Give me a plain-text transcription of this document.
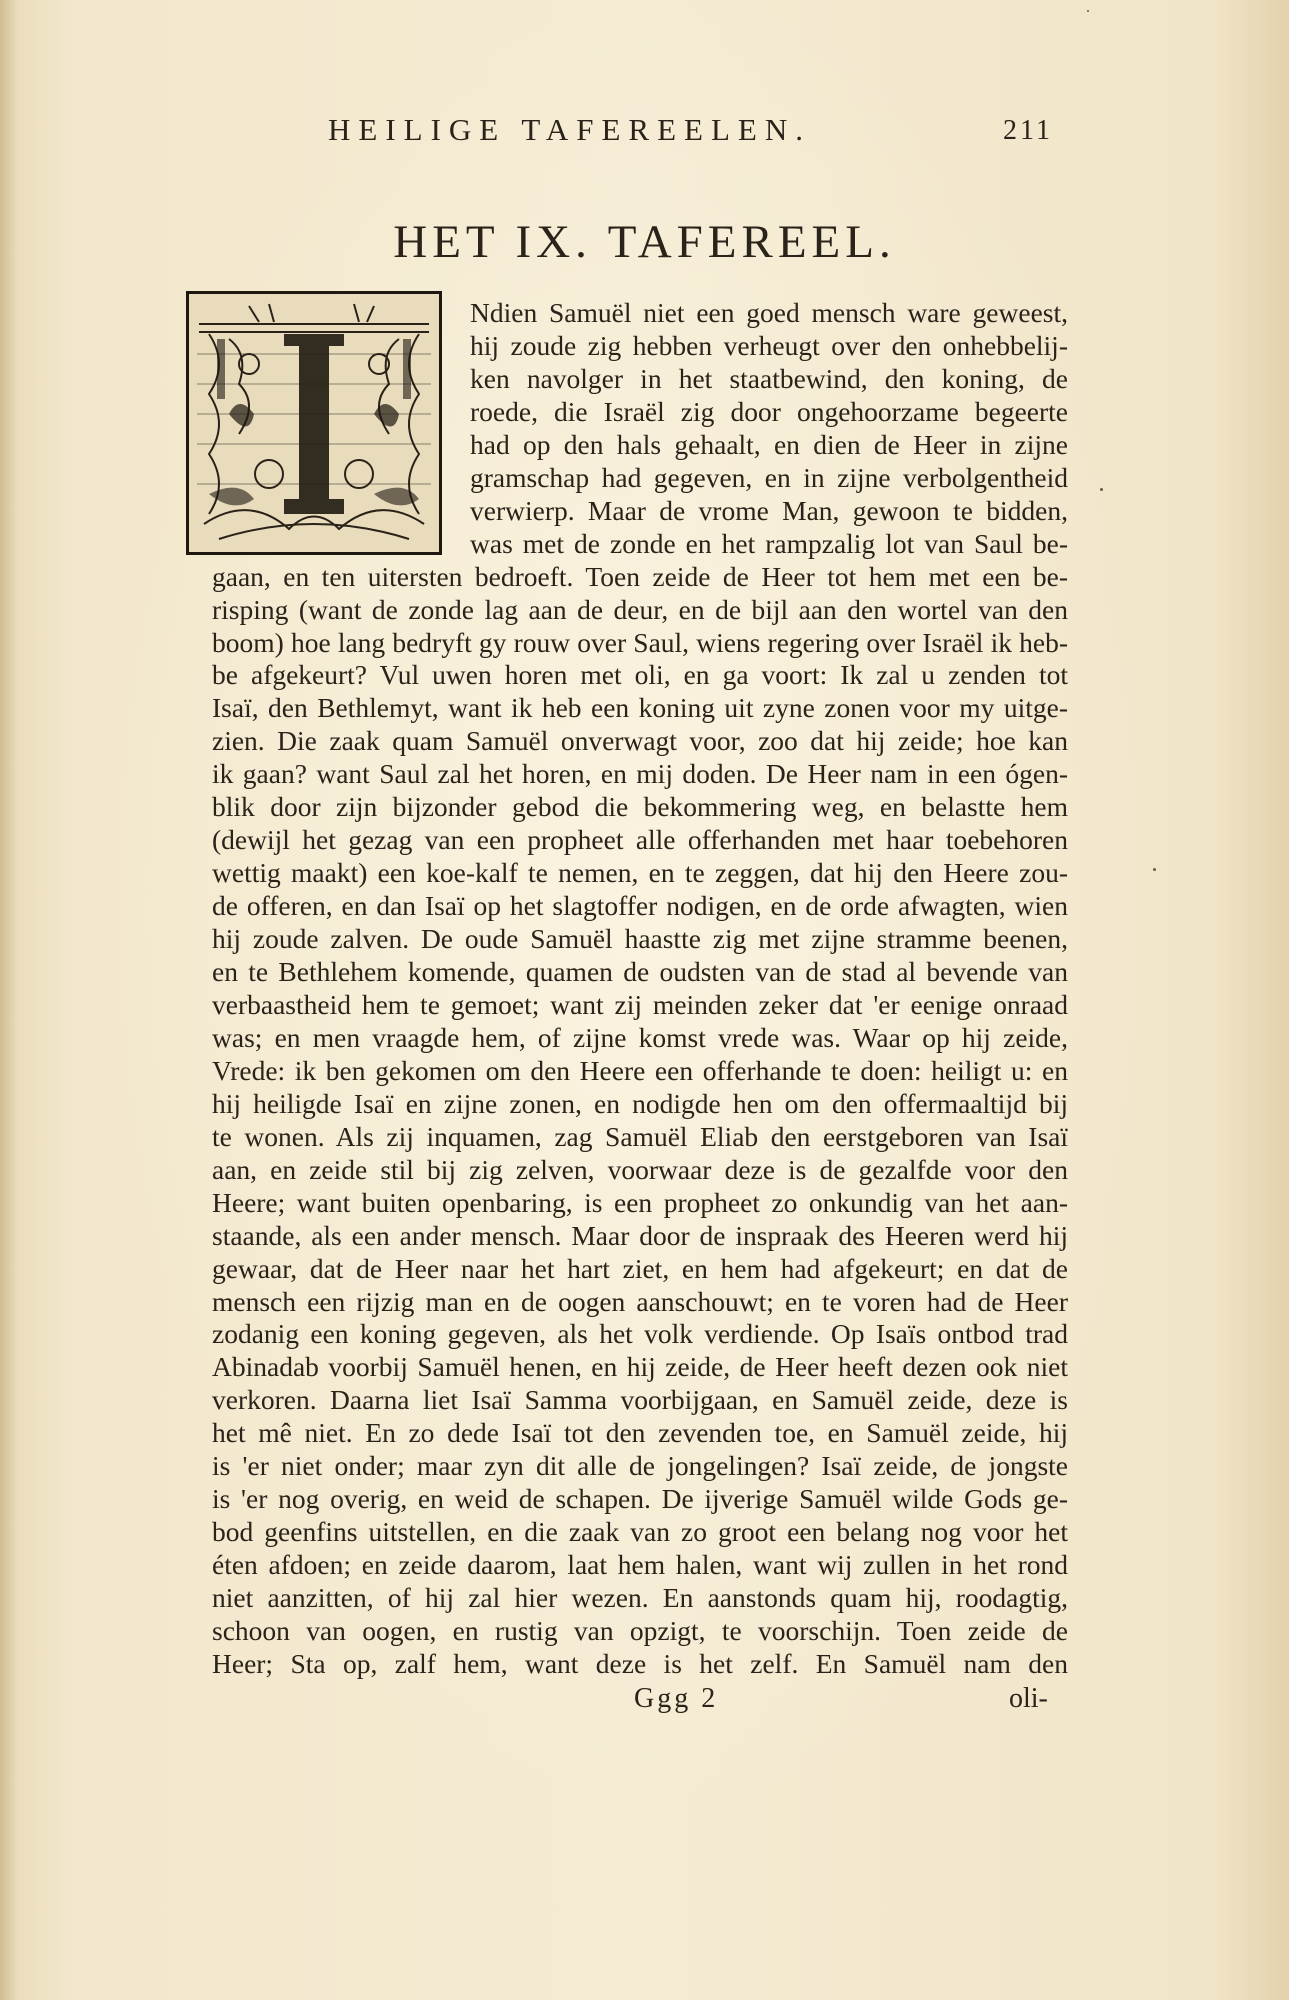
HEILIGE TAFEREELEN.	211
HET IX. TAFEREEL.
Ndien Samuël niet een goed mensch ware geweest,
hij zoude zig hebben verheugt over den onhebbelij-
ken navolger in het staatbewind, den koning, de
roede, die Israël zig door ongehoorzame begeerte
had op den hals gehaalt, en dien de Heer in zijne
gramschap had gegeven, en in zijne verbolgentheid
verwierp. Maar de vrome Man, gewoon te bidden,
was met de zonde en het rampzalig lot van Saul be-
gaan, en ten uitersten bedroeft. Toen zeide de Heer tot hem met een be-
risping (want de zonde lag aan de deur, en de bijl aan den wortel van den
boom) hoe lang bedryft gy rouw over Saul, wiens regering over Israël ik heb-
be afgekeurt? Vul uwen horen met oli, en ga voort: Ik zal u zenden tot
Isaï, den Bethlemyt, want ik heb een koning uit zyne zonen voor my uitge-
zien. Die zaak quam Samuël onverwagt voor, zoo dat hij zeide; hoe kan
ik gaan? want Saul zal het horen, en mij doden. De Heer nam in een ógen-
blik door zijn bijzonder gebod die bekommering weg, en belastte hem
(dewijl het gezag van een propheet alle offerhanden met haar toebehoren
wettig maakt) een koe-kalf te nemen, en te zeggen, dat hij den Heere zou-
de offeren, en dan Isaï op het slagtoffer nodigen, en de orde afwagten, wien
hij zoude zalven. De oude Samuël haastte zig met zijne stramme beenen,
en te Bethlehem komende, quamen de oudsten van de stad al bevende van
verbaastheid hem te gemoet; want zij meinden zeker dat 'er eenige onraad
was; en men vraagde hem, of zijne komst vrede was. Waar op hij zeide,
Vrede: ik ben gekomen om den Heere een offerhande te doen: heiligt u: en
hij heiligde Isaï en zijne zonen, en nodigde hen om den offermaaltijd bij
te wonen. Als zij inquamen, zag Samuël Eliab den eerstgeboren van Isaï
aan, en zeide stil bij zig zelven, voorwaar deze is de gezalfde voor den
Heere; want buiten openbaring, is een propheet zo onkundig van het aan-
staande, als een ander mensch. Maar door de inspraak des Heeren werd hij
gewaar, dat de Heer naar het hart ziet, en hem had afgekeurt; en dat de
mensch een rijzig man en de oogen aanschouwt; en te voren had de Heer
zodanig een koning gegeven, als het volk verdiende. Op Isaïs ontbod trad
Abinadab voorbij Samuël henen, en hij zeide, de Heer heeft dezen ook niet
verkoren. Daarna liet Isaï Samma voorbijgaan, en Samuël zeide, deze is
het mê niet. En zo dede Isaï tot den zevenden toe, en Samuël zeide, hij
is 'er niet onder; maar zyn dit alle de jongelingen? Isaï zeide, de jongste
is 'er nog overig, en weid de schapen. De ijverige Samuël wilde Gods ge-
bod geenfins uitstellen, en die zaak van zo groot een belang nog voor het
éten afdoen; en zeide daarom, laat hem halen, want wij zullen in het rond
niet aanzitten, of hij zal hier wezen. En aanstonds quam hij, roodagtig,
schoon van oogen, en rustig van opzigt, te voorschijn. Toen zeide de
Heer; Sta op, zalf hem, want deze is het zelf. En Samuël nam den
Ggg 2	oli-
